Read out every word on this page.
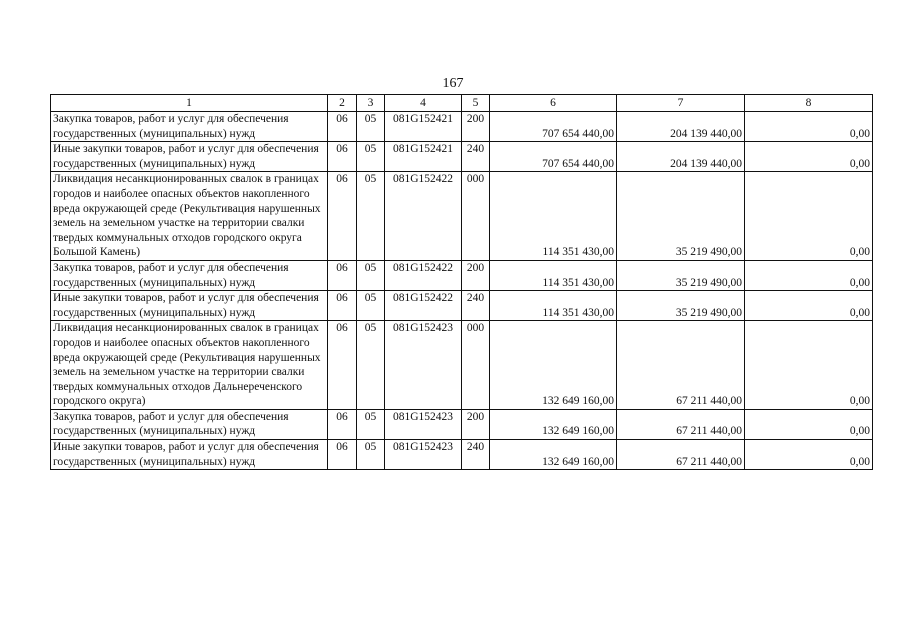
167
1	2	3	4	5	6	7	8
Закупка товаров, работ и услуг для обеспечения государственных (муниципальных) нужд	06	05	081G152421	200	707 654 440,00	204 139 440,00	0,00
Иные закупки товаров, работ и услуг для обеспечения государственных (муниципальных) нужд	06	05	081G152421	240	707 654 440,00	204 139 440,00	0,00
Ликвидация несанкционированных свалок в границах городов и наиболее опасных объектов накопленного вреда окружающей среде (Рекультивация нарушенных земель на земельном участке на территории свалки твердых коммунальных отходов городского округа Большой Камень)	06	05	081G152422	000	114 351 430,00	35 219 490,00	0,00
Закупка товаров, работ и услуг для обеспечения государственных (муниципальных) нужд	06	05	081G152422	200	114 351 430,00	35 219 490,00	0,00
Иные закупки товаров, работ и услуг для обеспечения государственных (муниципальных) нужд	06	05	081G152422	240	114 351 430,00	35 219 490,00	0,00
Ликвидация несанкционированных свалок в границах городов и наиболее опасных объектов накопленного вреда окружающей среде (Рекультивация нарушенных земель на земельном участке на территории свалки твердых коммунальных отходов Дальнереченского городского округа)	06	05	081G152423	000	132 649 160,00	67 211 440,00	0,00
Закупка товаров, работ и услуг для обеспечения государственных (муниципальных) нужд	06	05	081G152423	200	132 649 160,00	67 211 440,00	0,00
Иные закупки товаров, работ и услуг для обеспечения государственных (муниципальных) нужд	06	05	081G152423	240	132 649 160,00	67 211 440,00	0,00
